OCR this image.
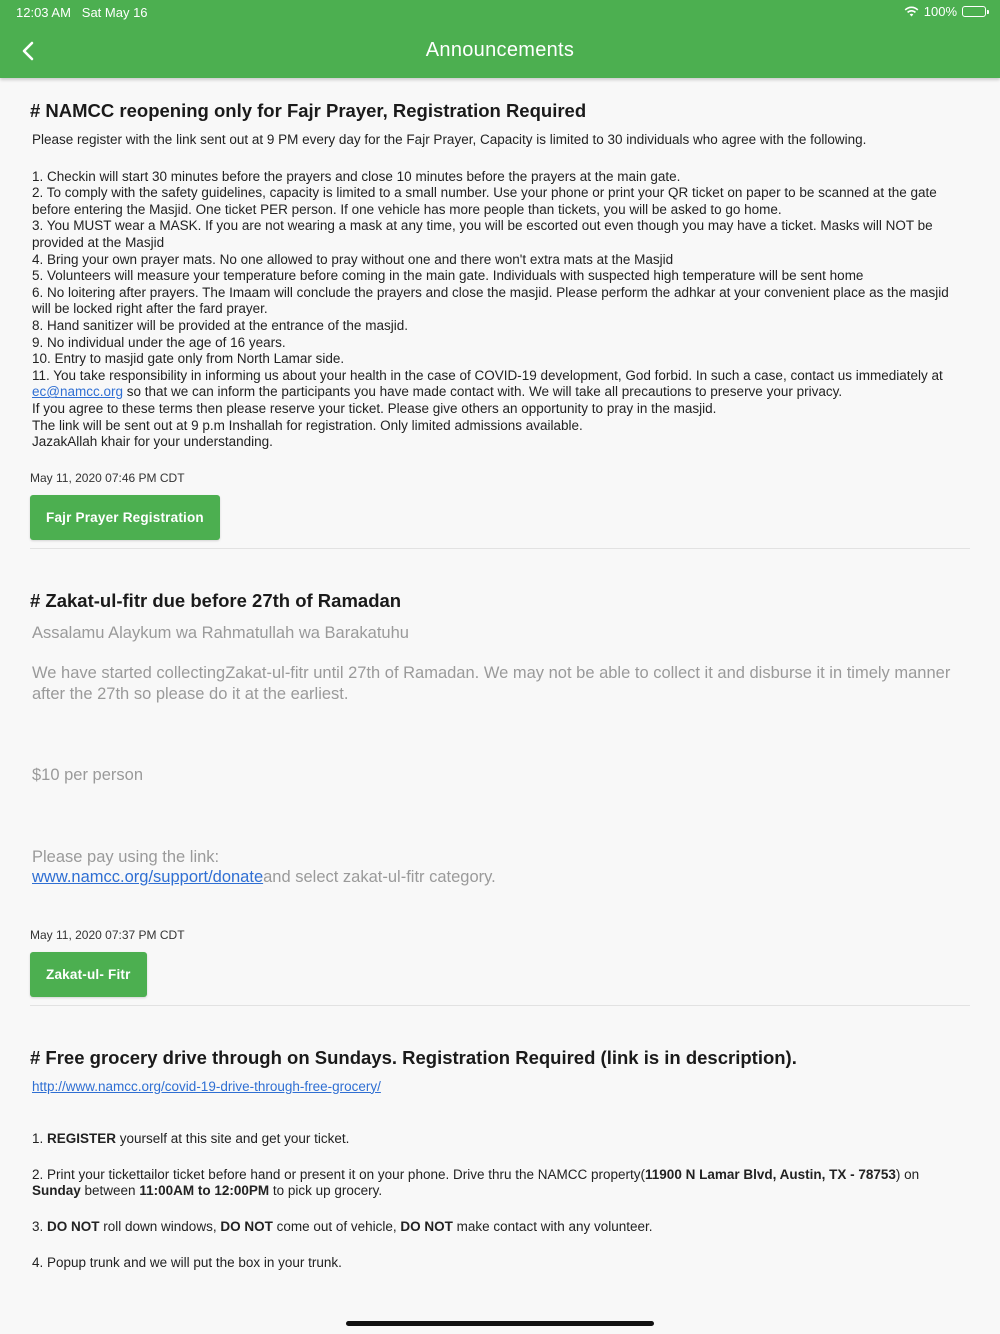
12:03 AM Sat May 16	100%
Announcements
# NAMCC reopening only for Fajr Prayer, Registration Required

Please register with the link sent out at 9 PM every day for the Fajr Prayer, Capacity is limited to 30 individuals who agree with the following.

1. Checkin will start 30 minutes before the prayers and close 10 minutes before the prayers at the main gate.

2. To comply with the safety guidelines, capacity is limited to a small number. Use your phone or print your QR ticket on paper to be scanned at the gate before entering the Masjid. One ticket PER person. If one vehicle has more people than tickets, you will be asked to go home.

3. You MUST wear a MASK. If you are not wearing a mask at any time, you will be escorted out even though you may have a ticket. Masks will NOT be provided at the Masjid

4. Bring your own prayer mats. No one allowed to pray without one and there won't extra mats at the Masjid

5. Volunteers will measure your temperature before coming in the main gate. Individuals with suspected high temperature will be sent home

6. No loitering after prayers. The Imaam will conclude the prayers and close the masjid. Please perform the adhkar at your convenient place as the masjid will be locked right after the fard prayer.

8. Hand sanitizer will be provided at the entrance of the masjid.

9. No individual under the age of 16 years.

10. Entry to masjid gate only from North Lamar side.

11. You take responsibility in informing us about your health in the case of COVID-19 development, God forbid. In such a case, contact us immediately at ec@namcc.org so that we can inform the participants you have made contact with. We will take all precautions to preserve your privacy.

If you agree to these terms then please reserve your ticket. Please give others an opportunity to pray in the masjid.

The link will be sent out at 9 p.m Inshallah for registration. Only limited admissions available.

JazakAllah khair for your understanding.

May 11, 2020 07:46 PM CDT
Fajr Prayer Registration
# Zakat-ul-fitr due before 27th of Ramadan

Assalamu Alaykum wa Rahmatullah wa Barakatuhu

We have started collectingZakat-ul-fitr until 27th of Ramadan. We may not be able to collect it and disburse it in timely manner after the 27th so please do it at the earliest.

$10 per person

Please pay using the link:

www.namcc.org/support/donateand select zakat-ul-fitr category.

May 11, 2020 07:37 PM CDT
Zakat-ul- Fitr
# Free grocery drive through on Sundays. Registration Required (link is in description).

http://www.namcc.org/covid-19-drive-through-free-grocery/

1. REGISTER yourself at this site and get your ticket.

2. Print your tickettailor ticket before hand or present it on your phone. Drive thru the NAMCC property(11900 N Lamar Blvd, Austin, TX - 78753) on Sunday between 11:00AM to 12:00PM to pick up grocery.

3. DO NOT roll down windows, DO NOT come out of vehicle, DO NOT make contact with any volunteer.

4. Popup trunk and we will put the box in your trunk.
